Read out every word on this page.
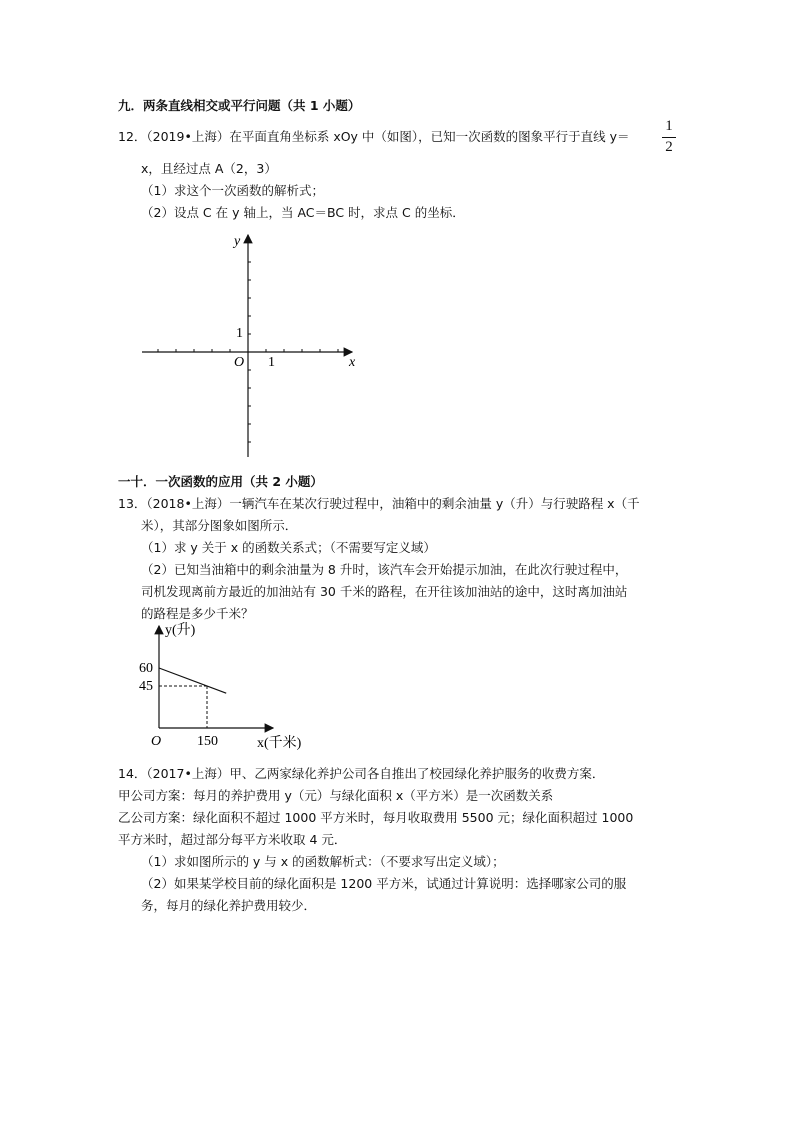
九．两条直线相交或平行问题（共 1 小题）
12．（2019•上海）在平面直角坐标系 xOy 中（如图），已知一次函数的图象平行于直线 y＝
1
2
x，且经过点 A（2，3）
（1）求这个一次函数的解析式；
（2）设点 C 在 y 轴上，当 AC＝BC 时，求点 C 的坐标．
y
x
O 1
1
一十．一次函数的应用（共 2 小题）
13．（2018•上海）一辆汽车在某次行驶过程中，油箱中的剩余油量 y（升）与行驶路程 x（千
米），其部分图象如图所示．
（1）求 y 关于 x 的函数关系式；（不需要写定义域）
（2）已知当油箱中的剩余油量为 8 升时，该汽车会开始提示加油，在此次行驶过程中，
司机发现离前方最近的加油站有 30 千米的路程，在开往该加油站的途中，这时离加油站
的路程是多少千米？
y(升)
x(千米)
O
60
45
150
14．（2017•上海）甲、乙两家绿化养护公司各自推出了校园绿化养护服务的收费方案．
甲公司方案：每月的养护费用 y（元）与绿化面积 x（平方米）是一次函数关系
乙公司方案：绿化面积不超过 1000 平方米时，每月收取费用 5500 元；绿化面积超过 1000
平方米时，超过部分每平方米收取 4 元．
（1）求如图所示的 y 与 x 的函数解析式：（不要求写出定义域）；
（2）如果某学校目前的绿化面积是 1200 平方米，试通过计算说明：选择哪家公司的服
务，每月的绿化养护费用较少．
